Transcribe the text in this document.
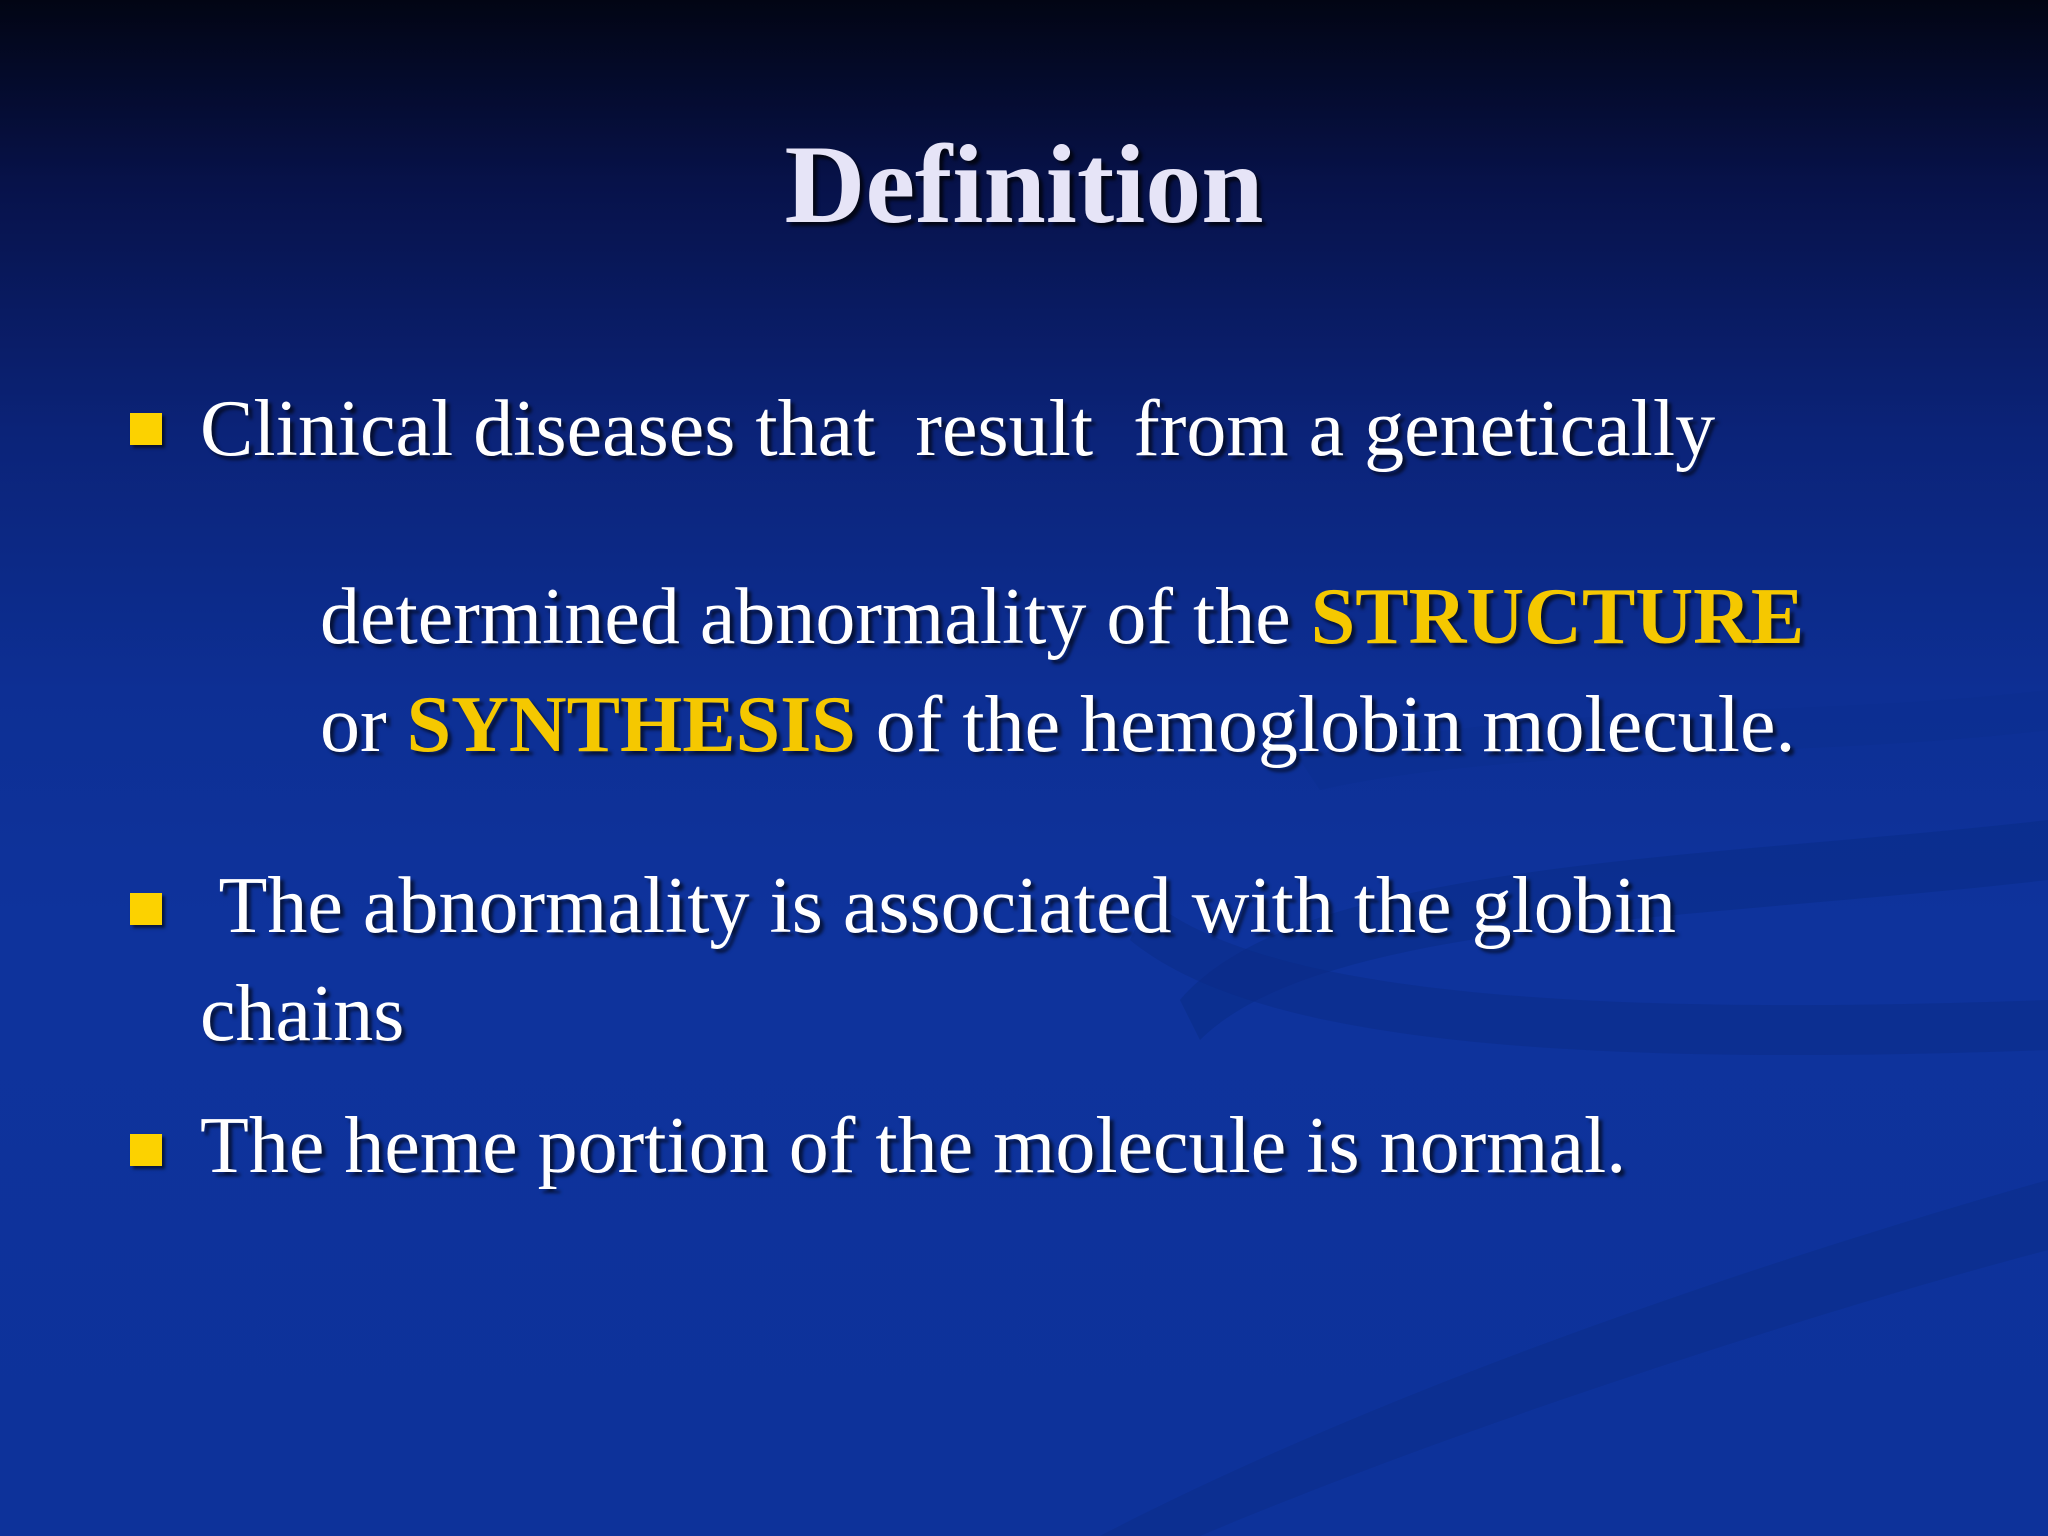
Definition
Clinical diseases that  result  from a genetically

determined abnormality of the STRUCTURE

or SYNTHESIS of the hemoglobin molecule.

The abnormality is associated with the globin
chains
The heme portion of the molecule is normal.
